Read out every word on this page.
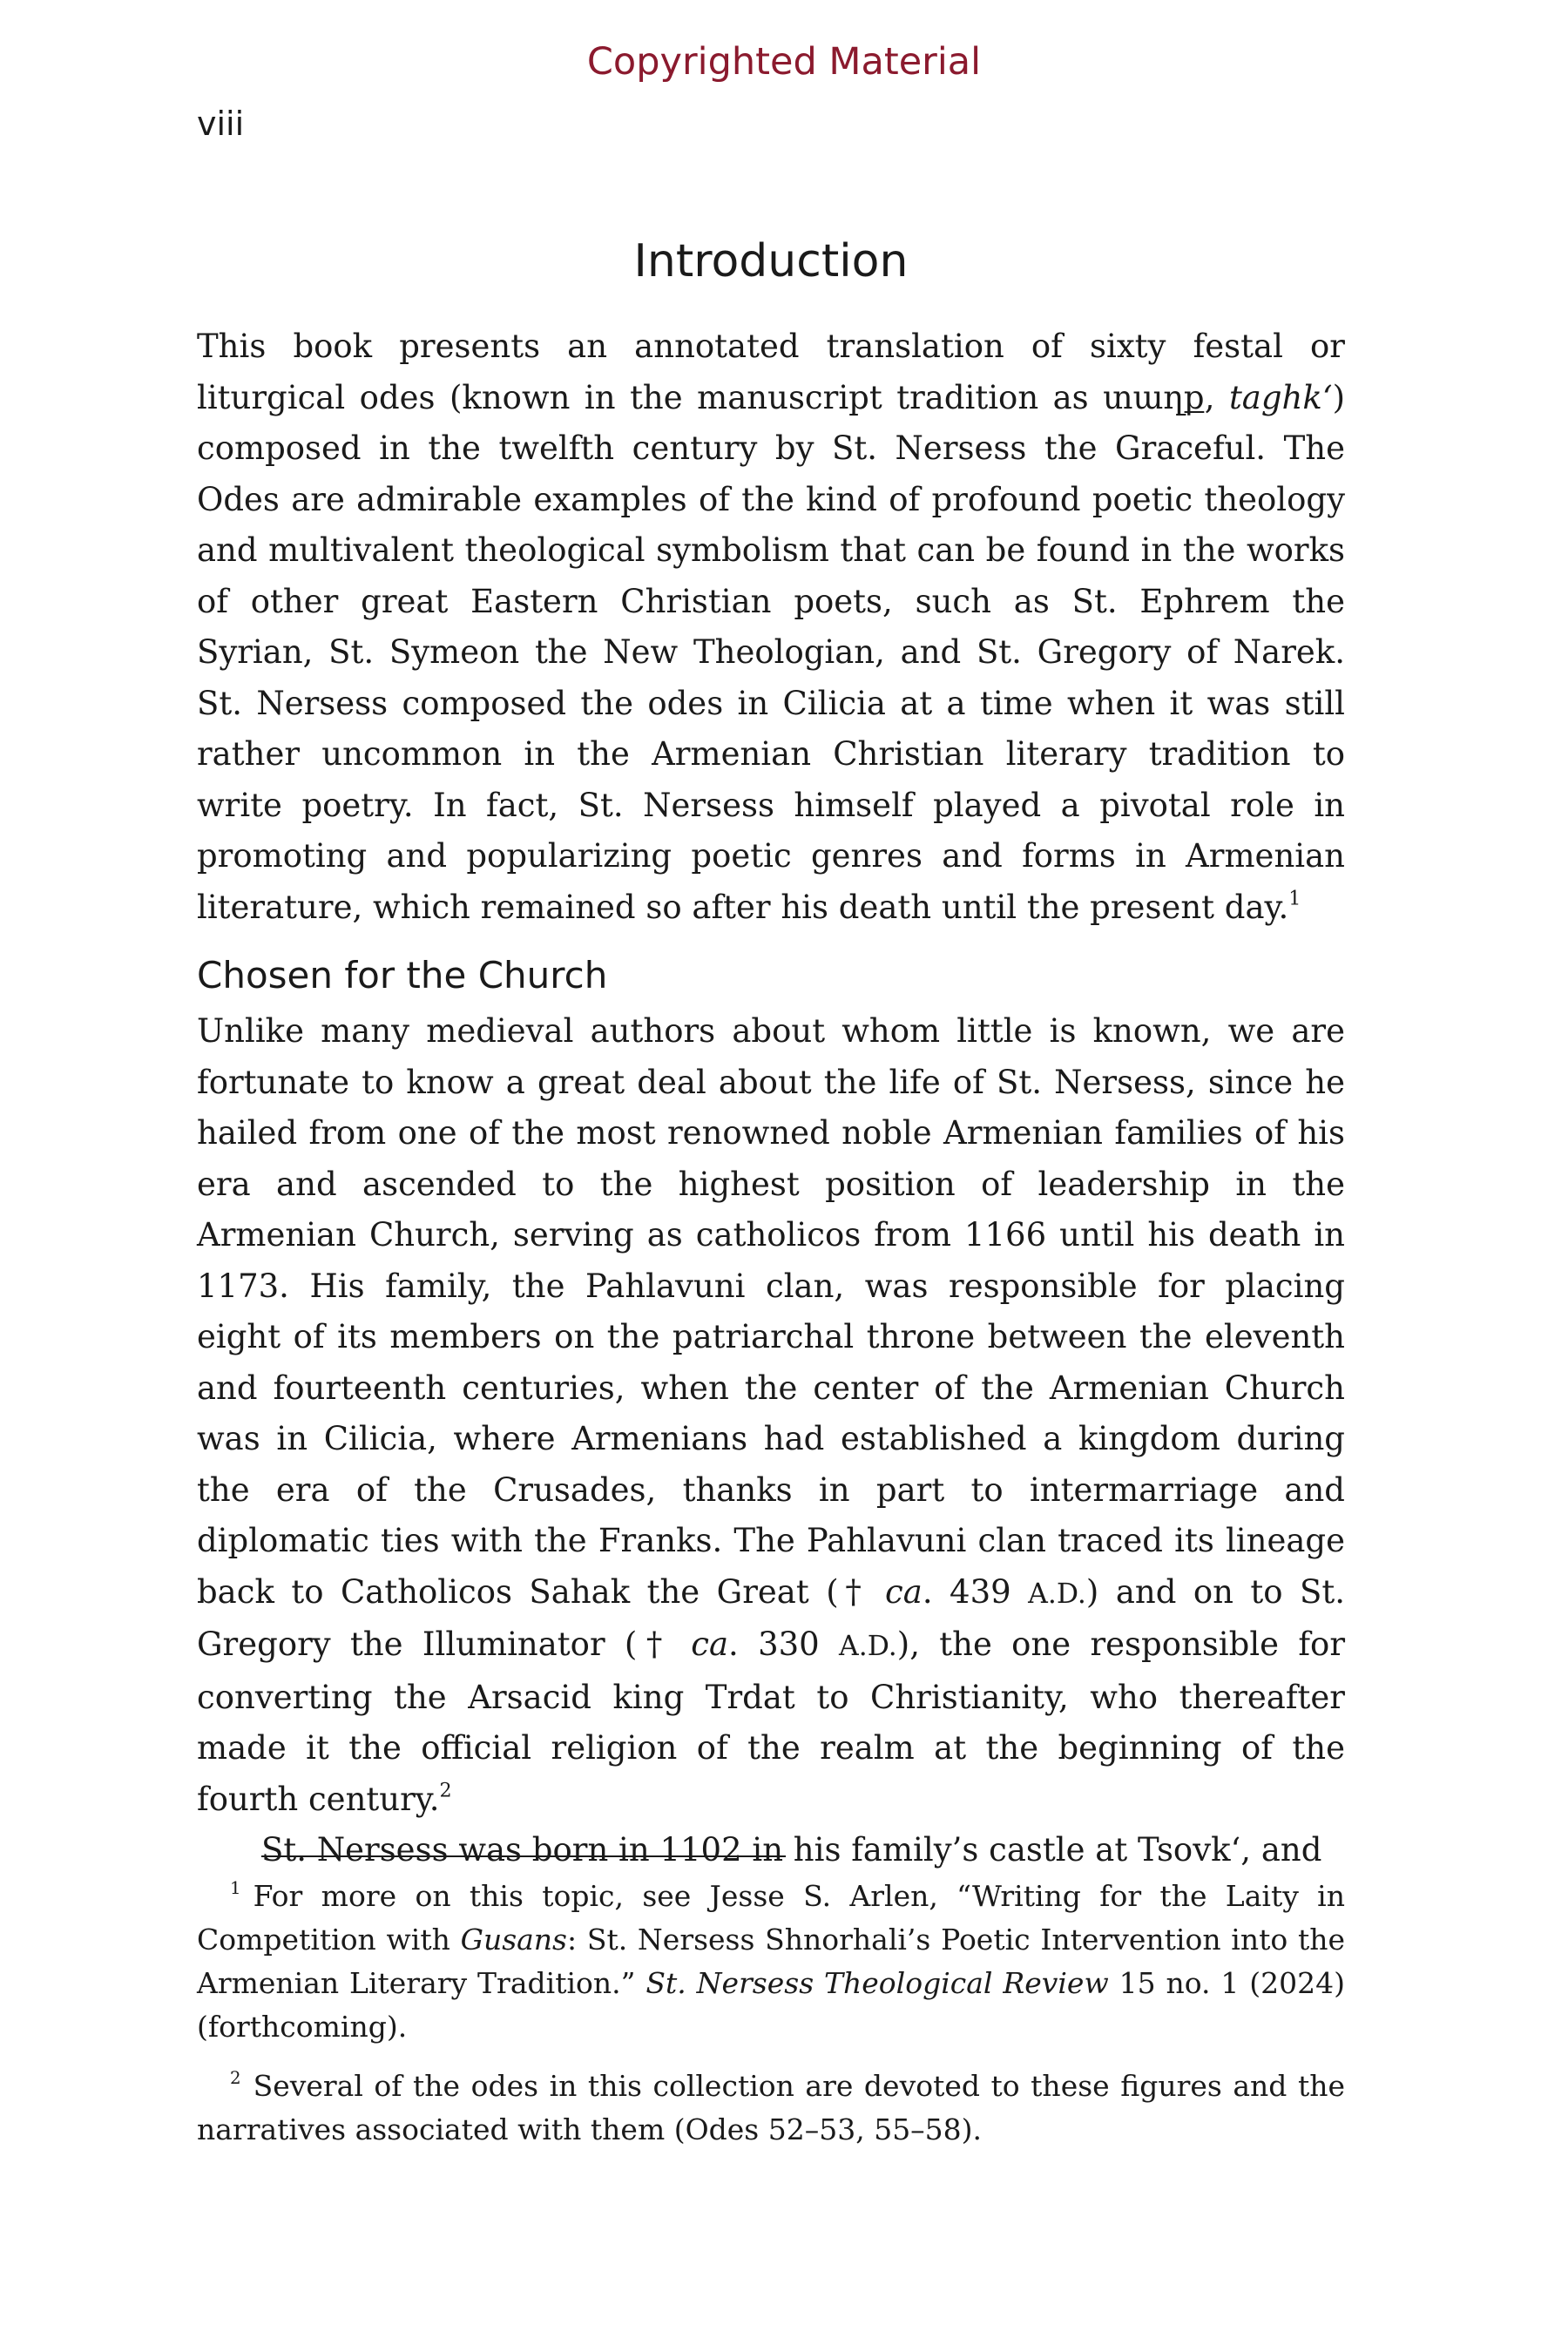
Copyrighted Material
viii
Introduction

This book presents an annotated translation of sixty festal or liturgical odes (known in the manuscript tradition as տաղք, taghk‘) composed in the twelfth century by St. Nersess the Graceful. The Odes are admirable examples of the kind of profound poetic theology and multivalent theological symbolism that can be found in the works of other great Eastern Christian poets, such as St. Ephrem the Syrian, St. Symeon the New Theologian, and St. Gregory of Narek. St. Nersess composed the odes in Cilicia at a time when it was still rather uncommon in the Armenian Christian literary tradition to write poetry. In fact, St. Nersess himself played a pivotal role in promoting and popularizing poetic genres and forms in Armenian literature, which remained so after his death until the present day.$^1$

Chosen for the Church

Unlike many medieval authors about whom little is known, we are fortunate to know a great deal about the life of St. Nersess, since he hailed from one of the most renowned noble Armenian families of his era and ascended to the highest position of leadership in the Armenian Church, serving as catholicos from 1166 until his death in 1173. His family, the Pahlavuni clan, was responsible for placing eight of its members on the patriarchal throne between the eleventh and fourteenth centuries, when the center of the Armenian Church was in Cilicia, where Armenians had established a kingdom during the era of the Crusades, thanks in part to intermarriage and diplomatic ties with the Franks. The Pahlavuni clan traced its lineage back to Catholicos Sahak the Great († ca. 439 A.D.) and on to St. Gregory the Illuminator († ca. 330 A.D.), the one responsible for converting the Arsacid king Trdat to Christianity, who thereafter made it the official religion of the realm at the beginning of the fourth century.$^2$

St. Nersess was born in 1102 in his family’s castle at Tsovk‘, and

$^1$ For more on this topic, see Jesse S. Arlen, “Writing for the Laity in Competition with Gusans: St. Nersess Shnorhali’s Poetic Intervention into the Armenian Literary Tradition.” St. Nersess Theological Review 15 no. 1 (2024) (forthcoming).

$^2$ Several of the odes in this collection are devoted to these figures and the narratives associated with them (Odes 52–53, 55–58).
